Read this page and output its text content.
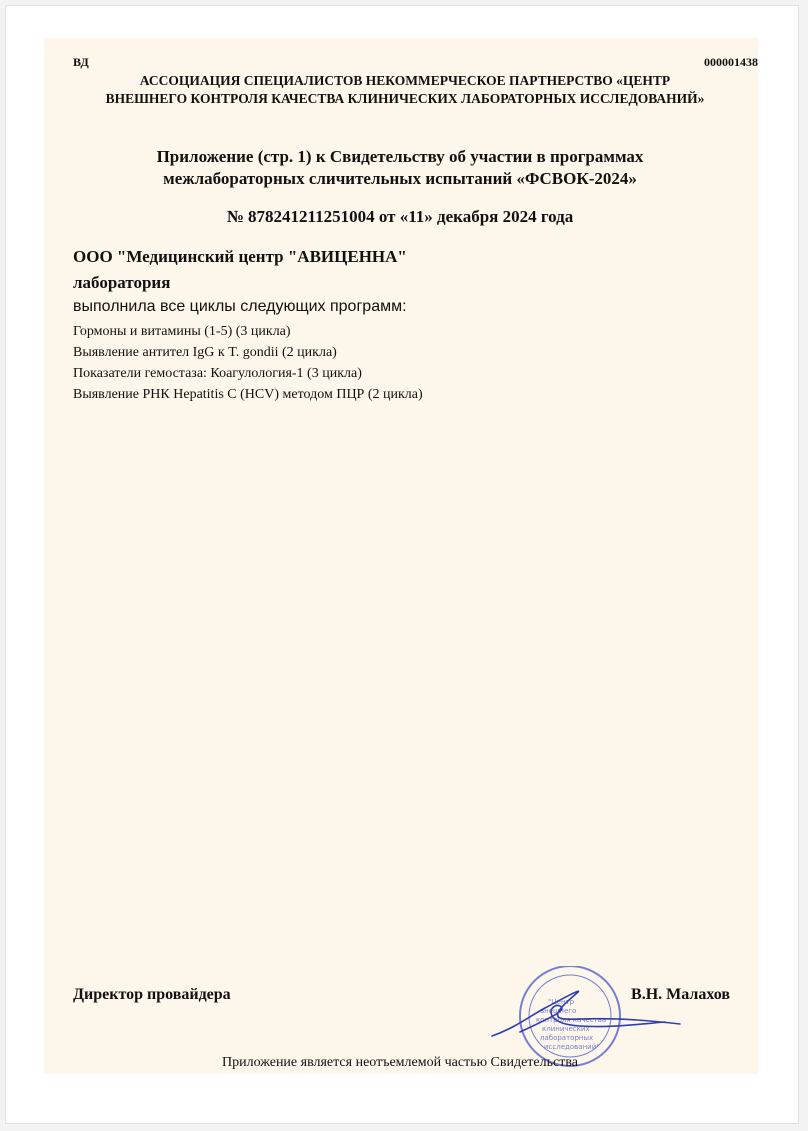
ВД	000001438
АССОЦИАЦИЯ СПЕЦИАЛИСТОВ НЕКОММЕРЧЕСКОЕ ПАРТНЕРСТВО «ЦЕНТР ВНЕШНЕГО КОНТРОЛЯ КАЧЕСТВА КЛИНИЧЕСКИХ ЛАБОРАТОРНЫХ ИССЛЕДОВАНИЙ»
Приложение (стр. 1) к Свидетельству об участии в программах
межлабораторных сличительных испытаний «ФСВОК-2024»
№ 878241211251004 от «11» декабря 2024 года
ООО "Медицинский центр "АВИЦЕННА"
лаборатория
выполнила все циклы следующих программ:
Гормоны и витамины (1-5) (3 цикла)
Выявление антител IgG к T. gondii (2 цикла)
Показатели гемостаза: Коагулология-1 (3 цикла)
Выявление РНК Hepatitis C (HCV) методом ПЦР (2 цикла)
"Центр
внешнего
контроля качества
клинических
лабораторных
исследований"
Директор провайдера	В.Н. Малахов
Приложение является неотъемлемой частью Свидетельства
